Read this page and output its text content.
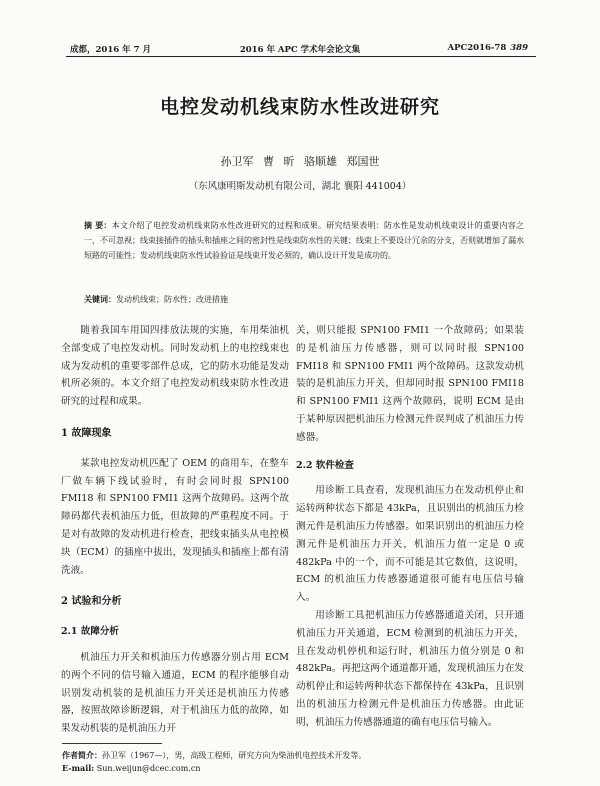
成都，2016 年 7 月	2016 年 APC 学术年会论文集	APC2016-78 389
电控发动机线束防水性改进研究
孙卫军 曹 昕 骆顺雄 郑国世
（东风康明斯发动机有限公司，湖北 襄阳 441004）
摘 要：本文介绍了电控发动机线束防水性改进研究的过程和成果。研究结果表明：防水性是发动机线束设计的重要内容之一，不可忽视；线束接插件的插头和插座之间的密封性是线束防水性的关键；线束上不要设计冗余的分支，否则就增加了漏水短路的可能性；发动机线束防水性试验验证是线束开发必须的，确认设计开发是成功的。
关键词：发动机线束；防水性；改进措施

随着我国车用国四排放法规的实施，车用柴油机全部变成了电控发动机。同时发动机上的电控线束也成为发动机的重要零部件总成，它的防水功能是发动机所必须的。本文介绍了电控发动机线束防水性改进研究的过程和成果。

1 故障现象

某款电控发动机匹配了 OEM 的商用车，在整车厂做车辆下线试验时，有时会同时报 SPN100 FMI18 和 SPN100 FMI1 这两个故障码。这两个故障码都代表机油压力低，但故障的严重程度不同。于是对有故障的发动机进行检查，把线束插头从电控模块（ECM）的插座中拔出，发现插头和插座上都有清洗液。

2 试验和分析

2.1 故障分析

机油压力开关和机油压力传感器分别占用 ECM 的两个不同的信号输入通道，ECM 的程序能够自动识别发动机装的是机油压力开关还是机油压力传感器，按照故障诊断逻辑，对于机油压力低的故障，如果发动机装的是机油压力开

关，则只能报 SPN100 FMI1 一个故障码；如果装的是机油压力传感器，则可以同时报 SPN100 FMI18 和 SPN100 FMI1 两个故障码。这款发动机装的是机油压力开关，但却同时报 SPN100 FMI18 和 SPN100 FMI1 这两个故障码，说明 ECM 是由于某种原因把机油压力检测元件误判成了机油压力传感器。

2.2 软件检查

用诊断工具查看，发现机油压力在发动机停止和运转两种状态下都是 43kPa，且识别出的机油压力检测元件是机油压力传感器。如果识别出的机油压力检测元件是机油压力开关，机油压力值一定是 0 或 482kPa 中的一个，而不可能是其它数值，这说明，ECM 的机油压力传感器通道很可能有电压信号输入。

用诊断工具把机油压力传感器通道关闭，只开通机油压力开关通道，ECM 检测到的机油压力开关，且在发动机停机和运行时，机油压力值分别是 0 和 482kPa。再把这两个通道都开通，发现机油压力在发动机停止和运转两种状态下都保持在 43kPa，且识别出的机油压力检测元件是机油压力传感器。由此证明，机油压力传感器通道的确有电压信号输入。

作者简介：孙卫军（1967—），男，高级工程师，研究方向为柴油机电控技术开发等。
E-mail: Sun.weijun@dcec.com.cn
